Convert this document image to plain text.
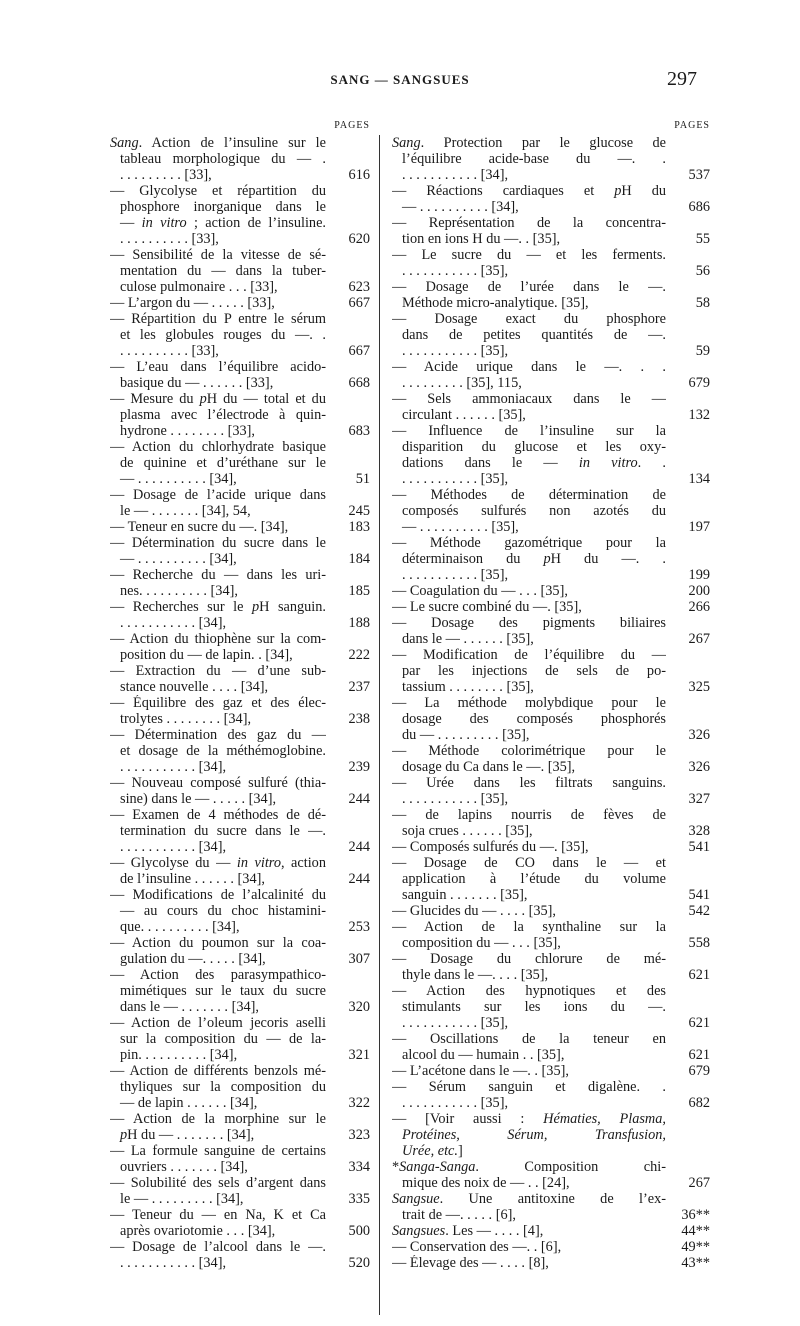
SANG — SANGSUES	297
PAGES
Sang. Action de l’insuline sur le
tableau morphologique du — .
. . . . . . . . . [33],	616
— Glycolyse et répartition du
phosphore inorganique dans le
— in vitro ; action de l’insuline.
. . . . . . . . . . [33],	620
— Sensibilité de la vitesse de sé-
mentation du — dans la tuber-
culose pulmonaire . . . [33],	623
— L’argon du — . . . . . [33],	667
— Répartition du P entre le sérum
et les globules rouges du —. .
. . . . . . . . . . [33],	667
— L’eau dans l’équilibre acido-
basique du — . . . . . . [33],	668
— Mesure du pH du — total et du
plasma avec l’électrode à quin-
hydrone . . . . . . . . [33],	683
— Action du chlorhydrate basique
de quinine et d’uréthane sur le
— . . . . . . . . . . [34],	51
— Dosage de l’acide urique dans
le — . . . . . . . [34], 54,	245
— Teneur en sucre du —. [34],	183
— Détermination du sucre dans le
— . . . . . . . . . . [34],	184
— Recherche du — dans les uri-
nes. . . . . . . . . . [34],	185
— Recherches sur le pH sanguin.
. . . . . . . . . . . [34],	188
— Action du thiophène sur la com-
position du — de lapin. . [34],	222
— Extraction du — d’une sub-
stance nouvelle . . . . [34],	237
— Équilibre des gaz et des élec-
trolytes . . . . . . . . [34],	238
— Détermination des gaz du —
et dosage de la méthémoglobine.
. . . . . . . . . . . [34],	239
— Nouveau composé sulfuré (thia-
sine) dans le — . . . . . [34],	244
— Examen de 4 méthodes de dé-
termination du sucre dans le —.
. . . . . . . . . . . [34],	244
— Glycolyse du — in vitro, action
de l’insuline . . . . . . [34],	244
— Modifications de l’alcalinité du
— au cours du choc histamini-
que. . . . . . . . . . [34],	253
— Action du poumon sur la coa-
gulation du —. . . . . [34],	307
— Action des parasympathico-
mimétiques sur le taux du sucre
dans le — . . . . . . . [34],	320
— Action de l’oleum jecoris aselli
sur la composition du — de la-
pin. . . . . . . . . . [34],	321
— Action de différents benzols mé-
thyliques sur la composition du
— de lapin . . . . . . [34],	322
— Action de la morphine sur le
pH du — . . . . . . . [34],	323
— La formule sanguine de certains
ouvriers . . . . . . . [34],	334
— Solubilité des sels d’argent dans
le — . . . . . . . . . [34],	335
— Teneur du — en Na, K et Ca
après ovariotomie . . . [34],	500
— Dosage de l’alcool dans le —.
. . . . . . . . . . . [34],	520
PAGES
Sang. Protection par le glucose de
l’équilibre acide-base du —. .
. . . . . . . . . . . [34],	537
— Réactions cardiaques et pH du
— . . . . . . . . . . [34],	686
— Représentation de la concentra-
tion en ions H du —. . [35],	55
— Le sucre du — et les ferments.
. . . . . . . . . . . [35],	56
— Dosage de l’urée dans le —.
Méthode micro-analytique. [35],	58
— Dosage exact du phosphore
dans de petites quantités de —.
. . . . . . . . . . . [35],	59
— Acide urique dans le —. . .
. . . . . . . . . [35], 115,	679
— Sels ammoniacaux dans le —
circulant . . . . . . [35],	132
— Influence de l’insuline sur la
disparition du glucose et les oxy-
dations dans le — in vitro. .
. . . . . . . . . . . [35],	134
— Méthodes de détermination de
composés sulfurés non azotés du
— . . . . . . . . . . [35],	197
— Méthode gazométrique pour la
déterminaison du pH du —. .
. . . . . . . . . . . [35],	199
— Coagulation du — . . . [35],	200
— Le sucre combiné du —. [35],	266
— Dosage des pigments biliaires
dans le — . . . . . . [35],	267
— Modification de l’équilibre du —
par les injections de sels de po-
tassium . . . . . . . . [35],	325
— La méthode molybdique pour le
dosage des composés phosphorés
du — . . . . . . . . . [35],	326
— Méthode colorimétrique pour le
dosage du Ca dans le —. [35],	326
— Urée dans les filtrats sanguins.
. . . . . . . . . . . [35],	327
— de lapins nourris de fèves de
soja crues . . . . . . [35],	328
— Composés sulfurés du —. [35],	541
— Dosage de CO dans le — et
application à l’étude du volume
sanguin . . . . . . . [35],	541
— Glucides du — . . . . [35],	542
— Action de la synthaline sur la
composition du — . . . [35],	558
— Dosage du chlorure de mé-
thyle dans le —. . . . [35],	621
— Action des hypnotiques et des
stimulants sur les ions du —.
. . . . . . . . . . . [35],	621
— Oscillations de la teneur en
alcool du — humain . . [35],	621
— L’acétone dans le —. . [35],	679
— Sérum sanguin et digalène. .
. . . . . . . . . . . [35],	682
— [Voir aussi : Hématies, Plasma,
Protéines, Sérum, Transfusion,
Urée, etc.]
*Sanga-Sanga. Composition chi-
mique des noix de — . . [24],	267
Sangsue. Une antitoxine de l’ex-
trait de —. . . . . [6],	36**
Sangsues. Les — . . . . [4],	44**
— Conservation des —. . [6],	49**
— Élevage des — . . . . [8],	43**
